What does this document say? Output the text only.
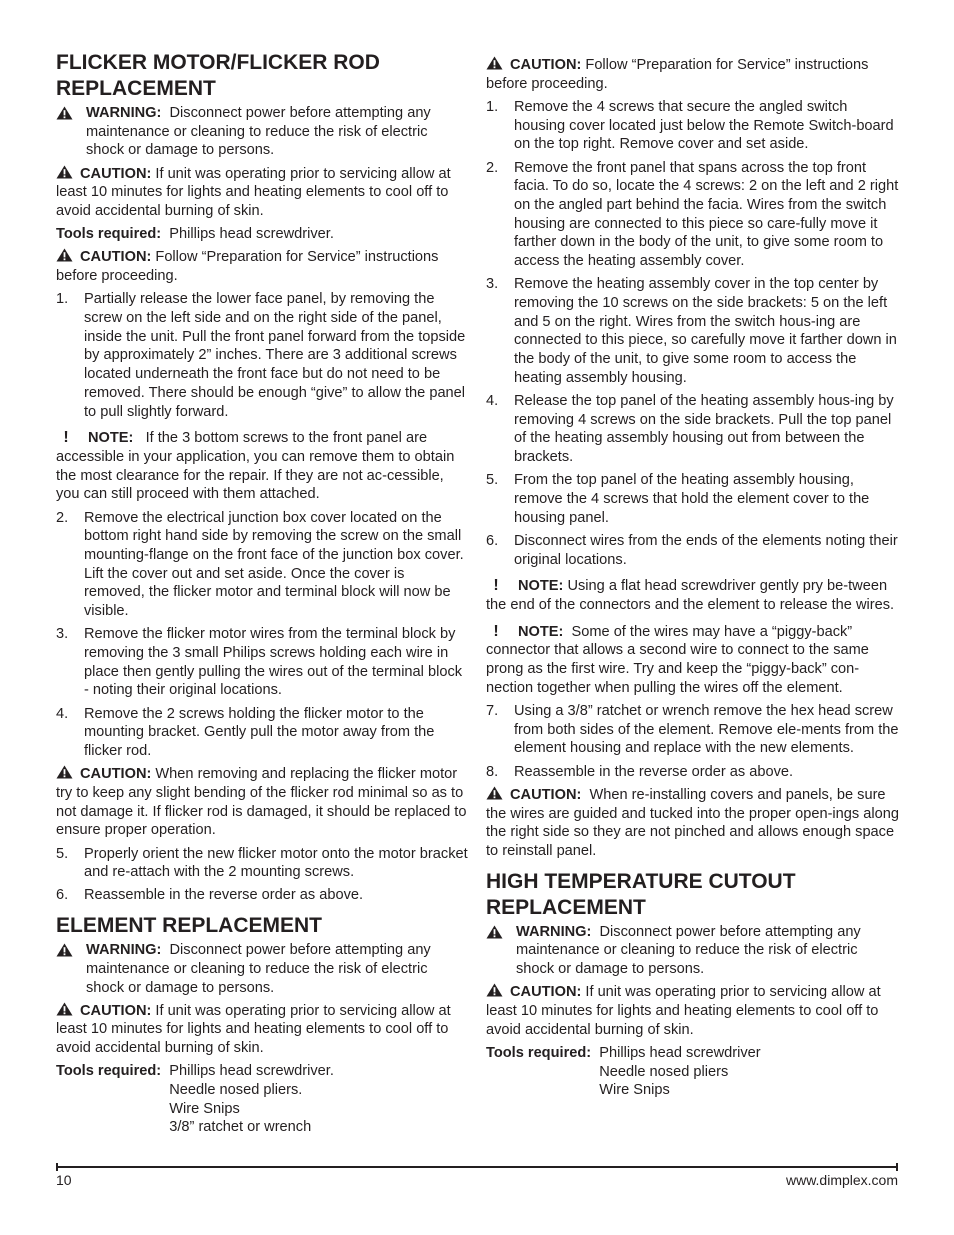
FLICKER MOTOR/FLICKER ROD REPLACEMENT

WARNING: Disconnect power before attempting any maintenance or cleaning to reduce the risk of electric shock or damage to persons.

CAUTION: If unit was operating prior to servicing allow at least 10 minutes for lights and heating elements to cool off to avoid accidental burning of skin.

Tools required: Phillips head screwdriver.

CAUTION: Follow “Preparation for Service” instructions before proceeding.

1. Partially release the lower face panel, by removing the screw on the left side and on the right side of the panel, inside the unit. Pull the front panel forward from the topside by approximately 2” inches. There are 3 additional screws located underneath the front face but do not need to be removed. There should be enough “give” to allow the panel to pull slightly forward.

! NOTE: If the 3 bottom screws to the front panel are accessible in your application, you can remove them to obtain the most clearance for the repair. If they are not ac-cessible, you can still proceed with them attached.

2. Remove the electrical junction box cover located on the bottom right hand side by removing the screw on the small mounting-flange on the front face of the junction box cover. Lift the cover out and set aside. Once the cover is removed, the flicker motor and terminal block will now be visible.
3. Remove the flicker motor wires from the terminal block by removing the 3 small Philips screws holding each wire in place then gently pulling the wires out of the terminal block - noting their original locations.
4. Remove the 2 screws holding the flicker motor to the mounting bracket. Gently pull the motor away from the flicker rod.

CAUTION: When removing and replacing the flicker motor try to keep any slight bending of the flicker rod minimal so as to not damage it. If flicker rod is damaged, it should be replaced to ensure proper operation.

5. Properly orient the new flicker motor onto the motor bracket and re-attach with the 2 mounting screws.
6. Reassemble in the reverse order as above.
ELEMENT REPLACEMENT

WARNING: Disconnect power before attempting any maintenance or cleaning to reduce the risk of electric shock or damage to persons.

CAUTION: If unit was operating prior to servicing allow at least 10 minutes for lights and heating elements to cool off to avoid accidental burning of skin.

Tools required: Phillips head screwdriver.
Needle nosed pliers.
Wire Snips
3/8” ratchet or wrench

CAUTION: Follow “Preparation for Service” instructions before proceeding.

1. Remove the 4 screws that secure the angled switch housing cover located just below the Remote Switch-board on the top right. Remove cover and set aside.
2. Remove the front panel that spans across the top front facia. To do so, locate the 4 screws: 2 on the left and 2 right on the angled part behind the facia. Wires from the switch housing are connected to this piece so care-fully move it farther down in the body of the unit, to give some room to access the heating assembly cover.
3. Remove the heating assembly cover in the top center by removing the 10 screws on the side brackets: 5 on the left and 5 on the right. Wires from the switch hous-ing are connected to this piece, so carefully move it farther down in the body of the unit, to give some room to access the heating assembly housing.
4. Release the top panel of the heating assembly hous-ing by removing 4 screws on the side brackets. Pull the top panel of the heating assembly housing out from between the brackets.
5. From the top panel of the heating assembly housing, remove the 4 screws that hold the element cover to the housing panel.
6. Disconnect wires from the ends of the elements noting their original locations.

! NOTE: Using a flat head screwdriver gently pry be-tween the end of the connectors and the element to release the wires.

! NOTE: Some of the wires may have a “piggy-back” connector that allows a second wire to connect to the same prong as the first wire. Try and keep the “piggy-back” con-nection together when pulling the wires off the element.

7. Using a 3/8” ratchet or wrench remove the hex head screw from both sides of the element. Remove ele-ments from the element housing and replace with the new elements.
8. Reassemble in the reverse order as above.

CAUTION: When re-installing covers and panels, be sure the wires are guided and tucked into the proper open-ings along the right side so they are not pinched and allows enough space to reinstall panel.

HIGH TEMPERATURE CUTOUT REPLACEMENT

WARNING: Disconnect power before attempting any maintenance or cleaning to reduce the risk of electric shock or damage to persons.

CAUTION: If unit was operating prior to servicing allow at least 10 minutes for lights and heating elements to cool off to avoid accidental burning of skin.

Tools required: Phillips head screwdriver
Needle nosed pliers
Wire Snips

10	www.dimplex.com
